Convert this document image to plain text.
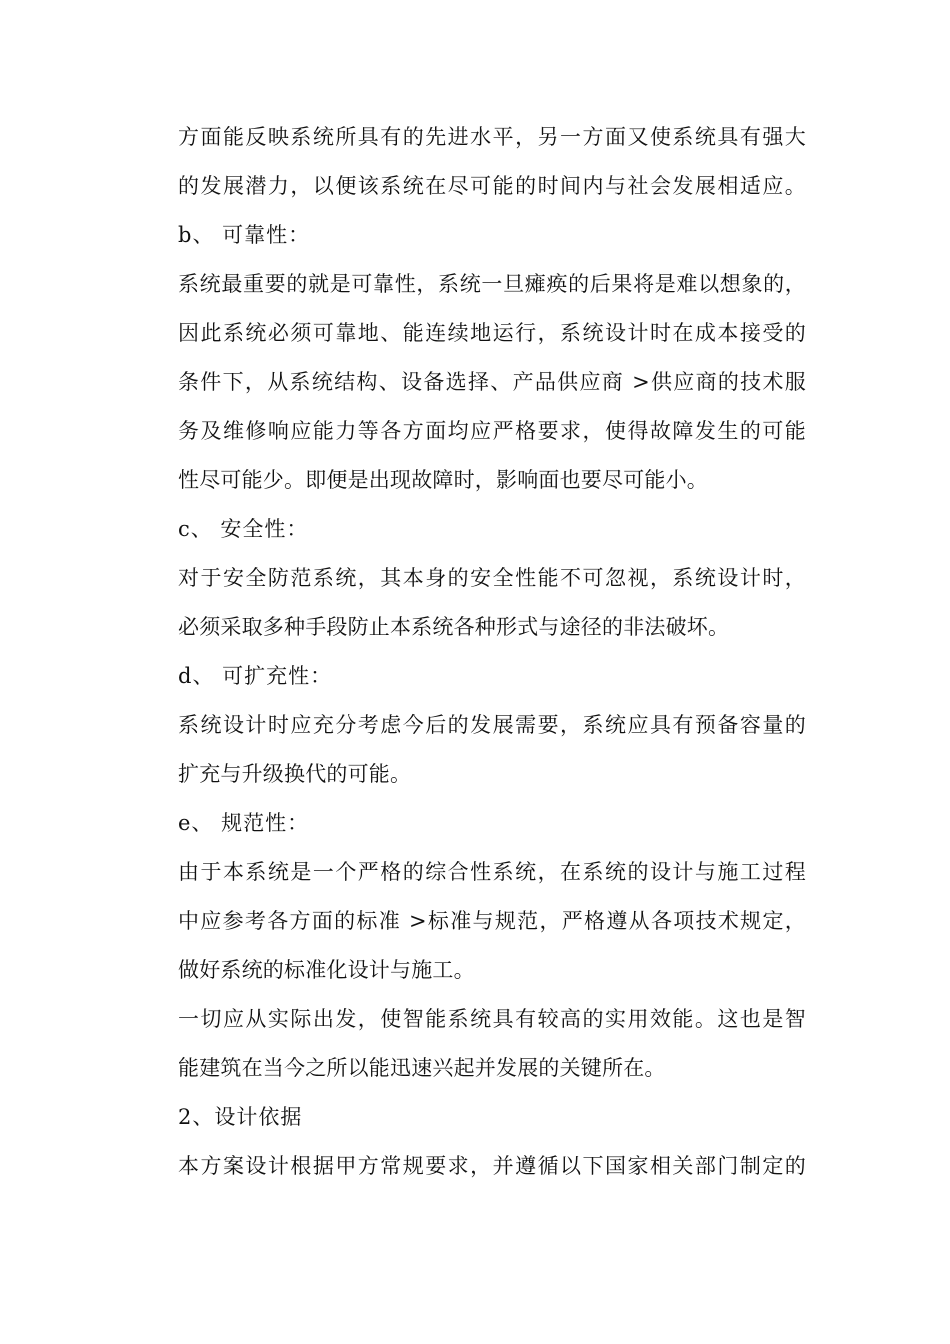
方面能反映系统所具有的先进水平，另一方面又使系统具有强大
的发展潜力，以便该系统在尽可能的时间内与社会发展相适应。
b、 可靠性：
系统最重要的就是可靠性，系统一旦瘫痪的后果将是难以想象的，
因此系统必须可靠地、能连续地运行，系统设计时在成本接受的
条件下，从系统结构、设备选择、产品供应商 >供应商的技术服
务及维修响应能力等各方面均应严格要求，使得故障发生的可能
性尽可能少。即便是出现故障时，影响面也要尽可能小。
c、 安全性：
对于安全防范系统，其本身的安全性能不可忽视，系统设计时，
必须采取多种手段防止本系统各种形式与途径的非法破坏。
d、 可扩充性：
系统设计时应充分考虑今后的发展需要，系统应具有预备容量的
扩充与升级换代的可能。
e、 规范性：
由于本系统是一个严格的综合性系统，在系统的设计与施工过程
中应参考各方面的标准 >标准与规范，严格遵从各项技术规定，
做好系统的标准化设计与施工。
一切应从实际出发，使智能系统具有较高的实用效能。这也是智
能建筑在当今之所以能迅速兴起并发展的关键所在。
2、设计依据
本方案设计根据甲方常规要求，并遵循以下国家相关部门制定的
